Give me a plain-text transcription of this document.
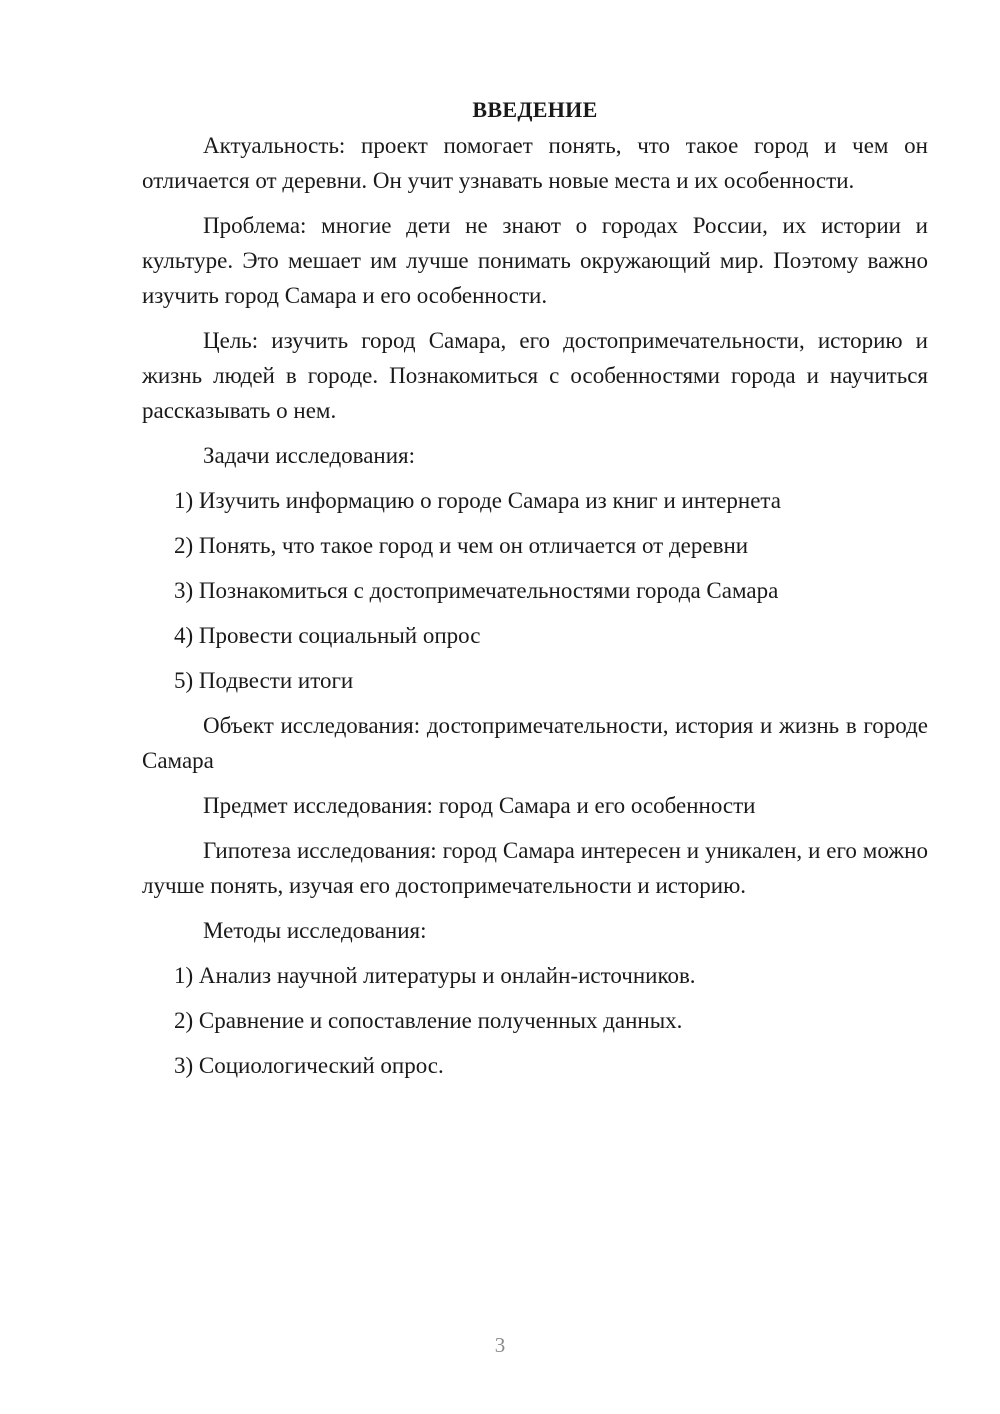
ВВЕДЕНИЕ

Актуальность: проект помогает понять, что такое город и чем он отличается от деревни. Он учит узнавать новые места и их особенности.

Проблема: многие дети не знают о городах России, их истории и культуре. Это мешает им лучше понимать окружающий мир. Поэтому важно изучить город Самара и его особенности.

Цель: изучить город Самара, его достопримечательности, историю и жизнь людей в городе. Познакомиться с особенностями города и научиться рассказывать о нем.

Задачи исследования:

1) Изучить информацию о городе Самара из книг и интернета
2) Понять, что такое город и чем он отличается от деревни
3) Познакомиться с достопримечательностями города Самара
4) Провести социальный опрос
5) Подвести итоги

Объект исследования: достопримечательности, история и жизнь в городе Самара

Предмет исследования: город Самара и его особенности

Гипотеза исследования: город Самара интересен и уникален, и его можно лучше понять, изучая его достопримечательности и историю.

Методы исследования:

1) Анализ научной литературы и онлайн-источников.
2) Сравнение и сопоставление полученных данных.
3) Социологический опрос.
3
